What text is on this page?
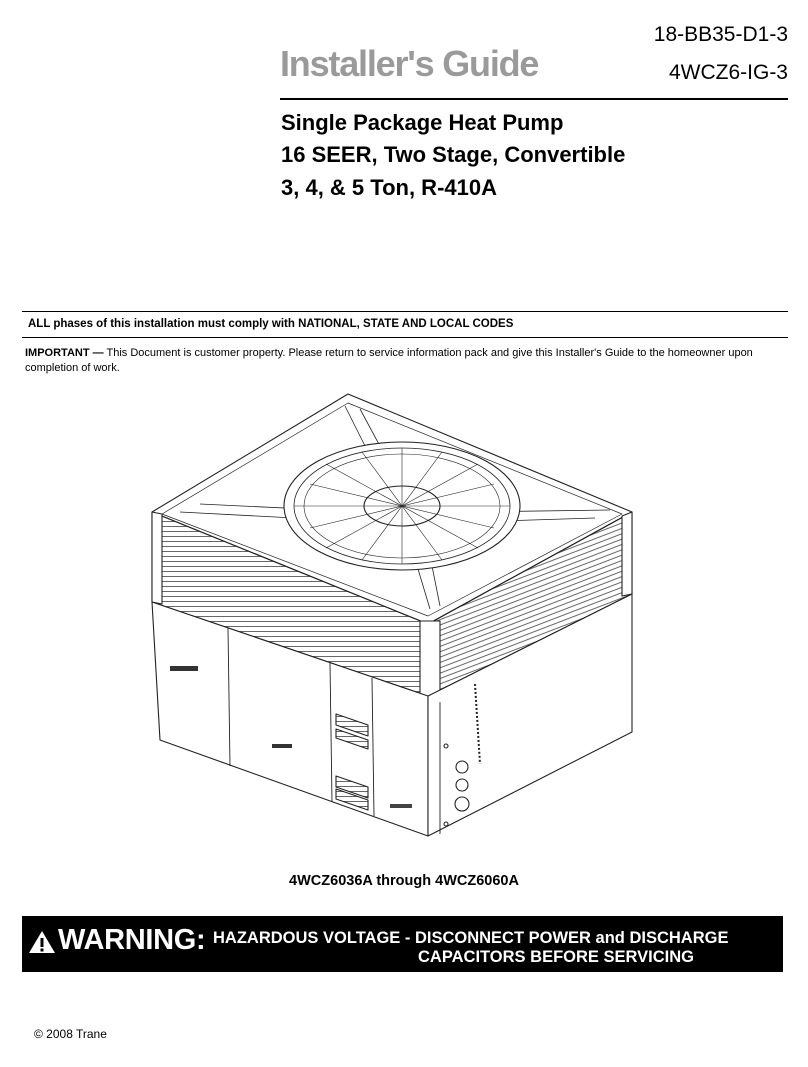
18-BB35-D1-3
4WCZ6-IG-3
Installer's Guide
Single Package Heat Pump
16 SEER, Two Stage, Convertible
3, 4, & 5 Ton, R-410A
ALL phases of this installation must comply with NATIONAL, STATE AND LOCAL CODES
IMPORTANT — This Document is customer property. Please return to service information pack and give this Installer's Guide to the homeowner upon completion of work.
4WCZ6036A through 4WCZ6060A
WARNING: HAZARDOUS VOLTAGE - DISCONNECT POWER and DISCHARGE
CAPACITORS BEFORE SERVICING
© 2008 Trane
